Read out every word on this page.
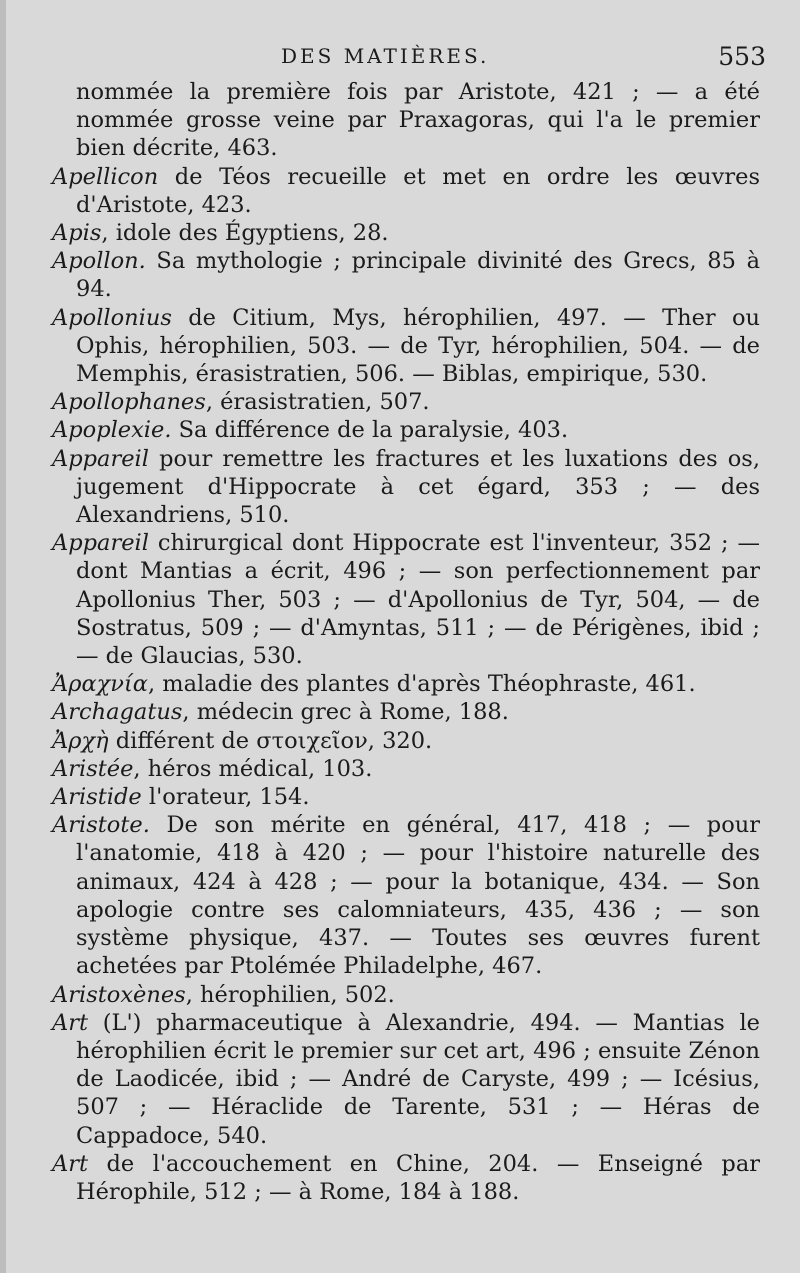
DES MATIÈRES.	553

nommée la première fois par Aristote, 421 ; — a été nommée grosse veine par Praxagoras, qui l'a le premier bien décrite, 463.

Apellicon de Téos recueille et met en ordre les œuvres d'Aristote, 423.

Apis, idole des Égyptiens, 28.

Apollon. Sa mythologie ; principale divinité des Grecs, 85 à 94.

Apollonius de Citium, Mys, hérophilien, 497. — Ther ou Ophis, hérophilien, 503. — de Tyr, hérophilien, 504. — de Memphis, érasistratien, 506. — Biblas, empirique, 530.

Apollophanes, érasistratien, 507.

Apoplexie. Sa différence de la paralysie, 403.

Appareil pour remettre les fractures et les luxations des os, jugement d'Hippocrate à cet égard, 353 ; — des Alexandriens, 510.

Appareil chirurgical dont Hippocrate est l'inventeur, 352 ; — dont Mantias a écrit, 496 ; — son perfectionnement par Apollonius Ther, 503 ; — d'Apollonius de Tyr, 504, — de Sostratus, 509 ; — d'Amyntas, 511 ; — de Périgènes, ibid ; — de Glaucias, 530.

Ἀραχνία, maladie des plantes d'après Théophraste, 461.

Archagatus, médecin grec à Rome, 188.

Ἀρχὴ différent de στοιχεῖον, 320.

Aristée, héros médical, 103.

Aristide l'orateur, 154.

Aristote. De son mérite en général, 417, 418 ; — pour l'anatomie, 418 à 420 ; — pour l'histoire naturelle des animaux, 424 à 428 ; — pour la botanique, 434. — Son apologie contre ses calomniateurs, 435, 436 ; — son système physique, 437. — Toutes ses œuvres furent achetées par Ptolémée Philadelphe, 467.

Aristoxènes, hérophilien, 502.

Art (L') pharmaceutique à Alexandrie, 494. — Mantias le hérophilien écrit le premier sur cet art, 496 ; ensuite Zénon de Laodicée, ibid ; — André de Caryste, 499 ; — Icésius, 507 ; — Héraclide de Tarente, 531 ; — Héras de Cappadoce, 540.

Art de l'accouchement en Chine, 204. — Enseigné par Hérophile, 512 ; — à Rome, 184 à 188.
